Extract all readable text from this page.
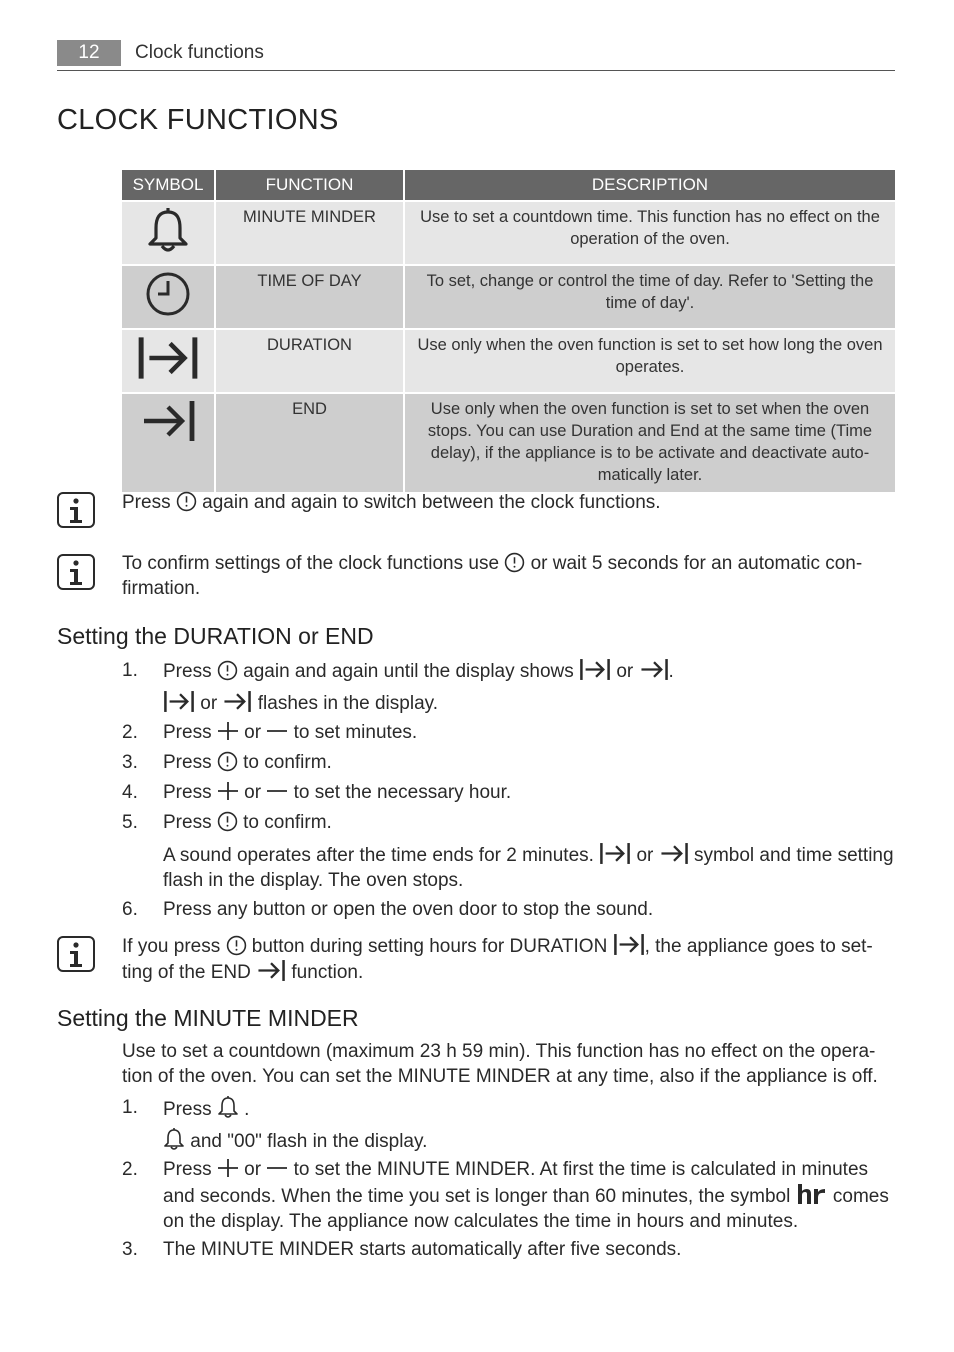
12	Clock functions
CLOCK FUNCTIONS
SYMBOL	FUNCTION	DESCRIPTION
	MINUTE MINDER	Use to set a countdown time. This function has no effect on the operation of the oven.
	TIME OF DAY	To set, change or control the time of day. Refer to 'Setting the time of day'.
	DURATION	Use only when the oven function is set to set how long the oven operates.
	END	Use only when the oven function is set to set when the oven stops. You can use Duration and End at the same time (Time delay), if the appliance is to be activate and deactivate auto-matically later.
Press again and again to switch between the clock functions.
To confirm settings of the clock functions use or wait 5 seconds for an automatic con-firmation.
Setting the DURATION or END
1. Press again and again until the display shows or .
or flashes in the display.
2. Press or to set minutes.
3. Press to confirm.
4. Press or to set the necessary hour.
5. Press to confirm.
A sound operates after the time ends for 2 minutes. or symbol and time setting flash in the display. The oven stops.
6. Press any button or open the oven door to stop the sound.
If you press button during setting hours for DURATION , the appliance goes to set-ting of the END function.
Setting the MINUTE MINDER
Use to set a countdown (maximum 23 h 59 min). This function has no effect on the opera-tion of the oven. You can set the MINUTE MINDER at any time, also if the appliance is off.
1. Press .
and "00" flash in the display.
2. Press or to set the MINUTE MINDER. At first the time is calculated in minutes and seconds. When the time you set is longer than 60 minutes, the symbol comes on the display. The appliance now calculates the time in hours and minutes.
3. The MINUTE MINDER starts automatically after five seconds.
